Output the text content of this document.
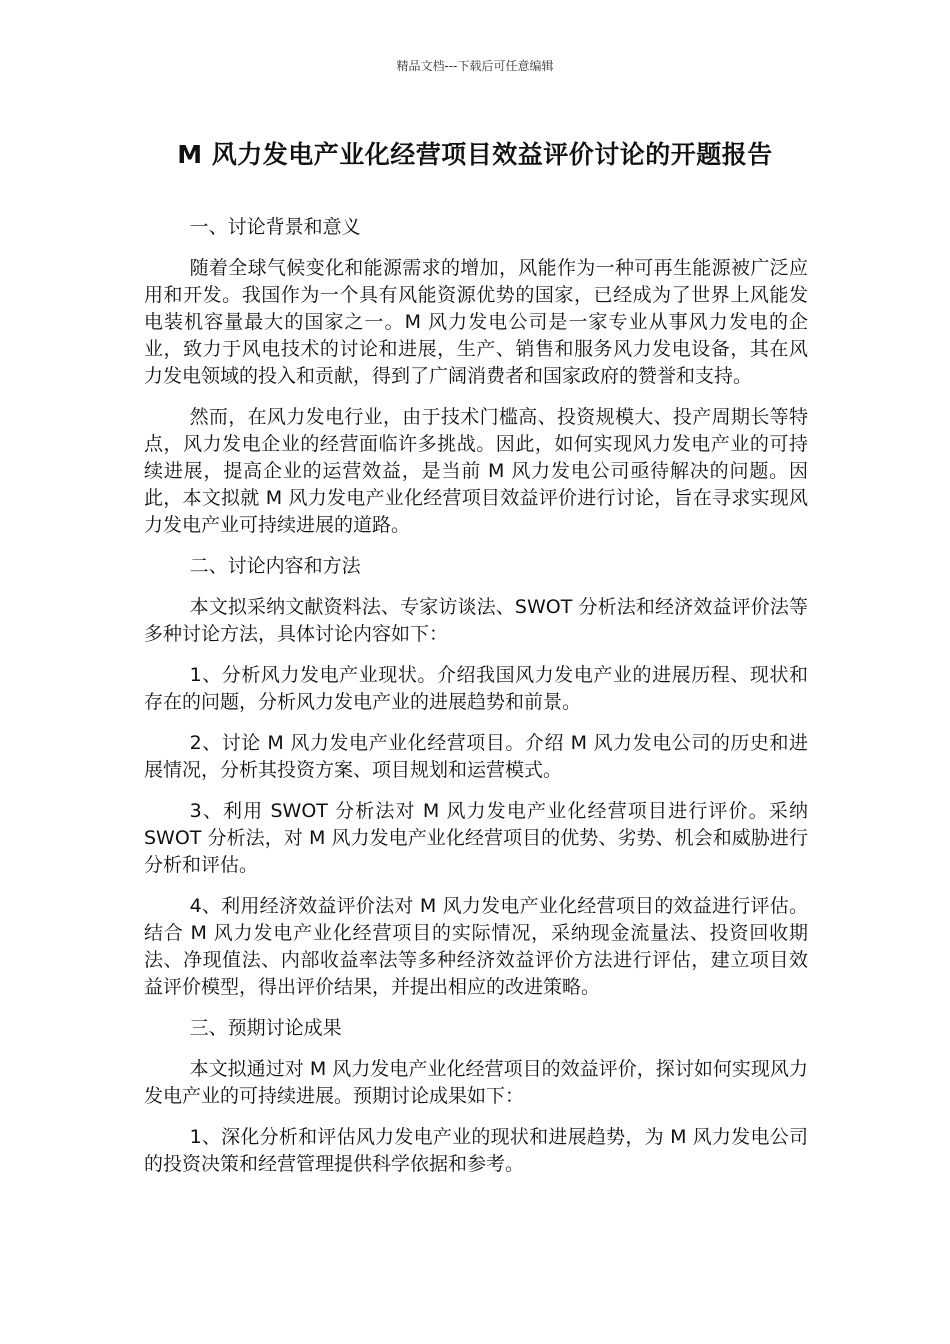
精品文档---下载后可任意编辑
M 风力发电产业化经营项目效益评价讨论的开题报告

一、讨论背景和意义

随着全球气候变化和能源需求的增加，风能作为一种可再生能源被广泛应用和开发。我国作为一个具有风能资源优势的国家，已经成为了世界上风能发电装机容量最大的国家之一。M 风力发电公司是一家专业从事风力发电的企业，致力于风电技术的讨论和进展，生产、销售和服务风力发电设备，其在风力发电领域的投入和贡献，得到了广阔消费者和国家政府的赞誉和支持。

然而，在风力发电行业，由于技术门槛高、投资规模大、投产周期长等特点，风力发电企业的经营面临许多挑战。因此，如何实现风力发电产业的可持续进展，提高企业的运营效益，是当前 M 风力发电公司亟待解决的问题。因此，本文拟就 M 风力发电产业化经营项目效益评价进行讨论，旨在寻求实现风力发电产业可持续进展的道路。

二、讨论内容和方法

本文拟采纳文献资料法、专家访谈法、SWOT 分析法和经济效益评价法等多种讨论方法，具体讨论内容如下：

1、分析风力发电产业现状。介绍我国风力发电产业的进展历程、现状和存在的问题，分析风力发电产业的进展趋势和前景。

2、讨论 M 风力发电产业化经营项目。介绍 M 风力发电公司的历史和进展情况，分析其投资方案、项目规划和运营模式。

3、利用 SWOT 分析法对 M 风力发电产业化经营项目进行评价。采纳 SWOT 分析法，对 M 风力发电产业化经营项目的优势、劣势、机会和威胁进行分析和评估。

4、利用经济效益评价法对 M 风力发电产业化经营项目的效益进行评估。结合 M 风力发电产业化经营项目的实际情况，采纳现金流量法、投资回收期法、净现值法、内部收益率法等多种经济效益评价方法进行评估，建立项目效益评价模型，得出评价结果，并提出相应的改进策略。

三、预期讨论成果

本文拟通过对 M 风力发电产业化经营项目的效益评价，探讨如何实现风力发电产业的可持续进展。预期讨论成果如下：

1、深化分析和评估风力发电产业的现状和进展趋势，为 M 风力发电公司的投资决策和经营管理提供科学依据和参考。
